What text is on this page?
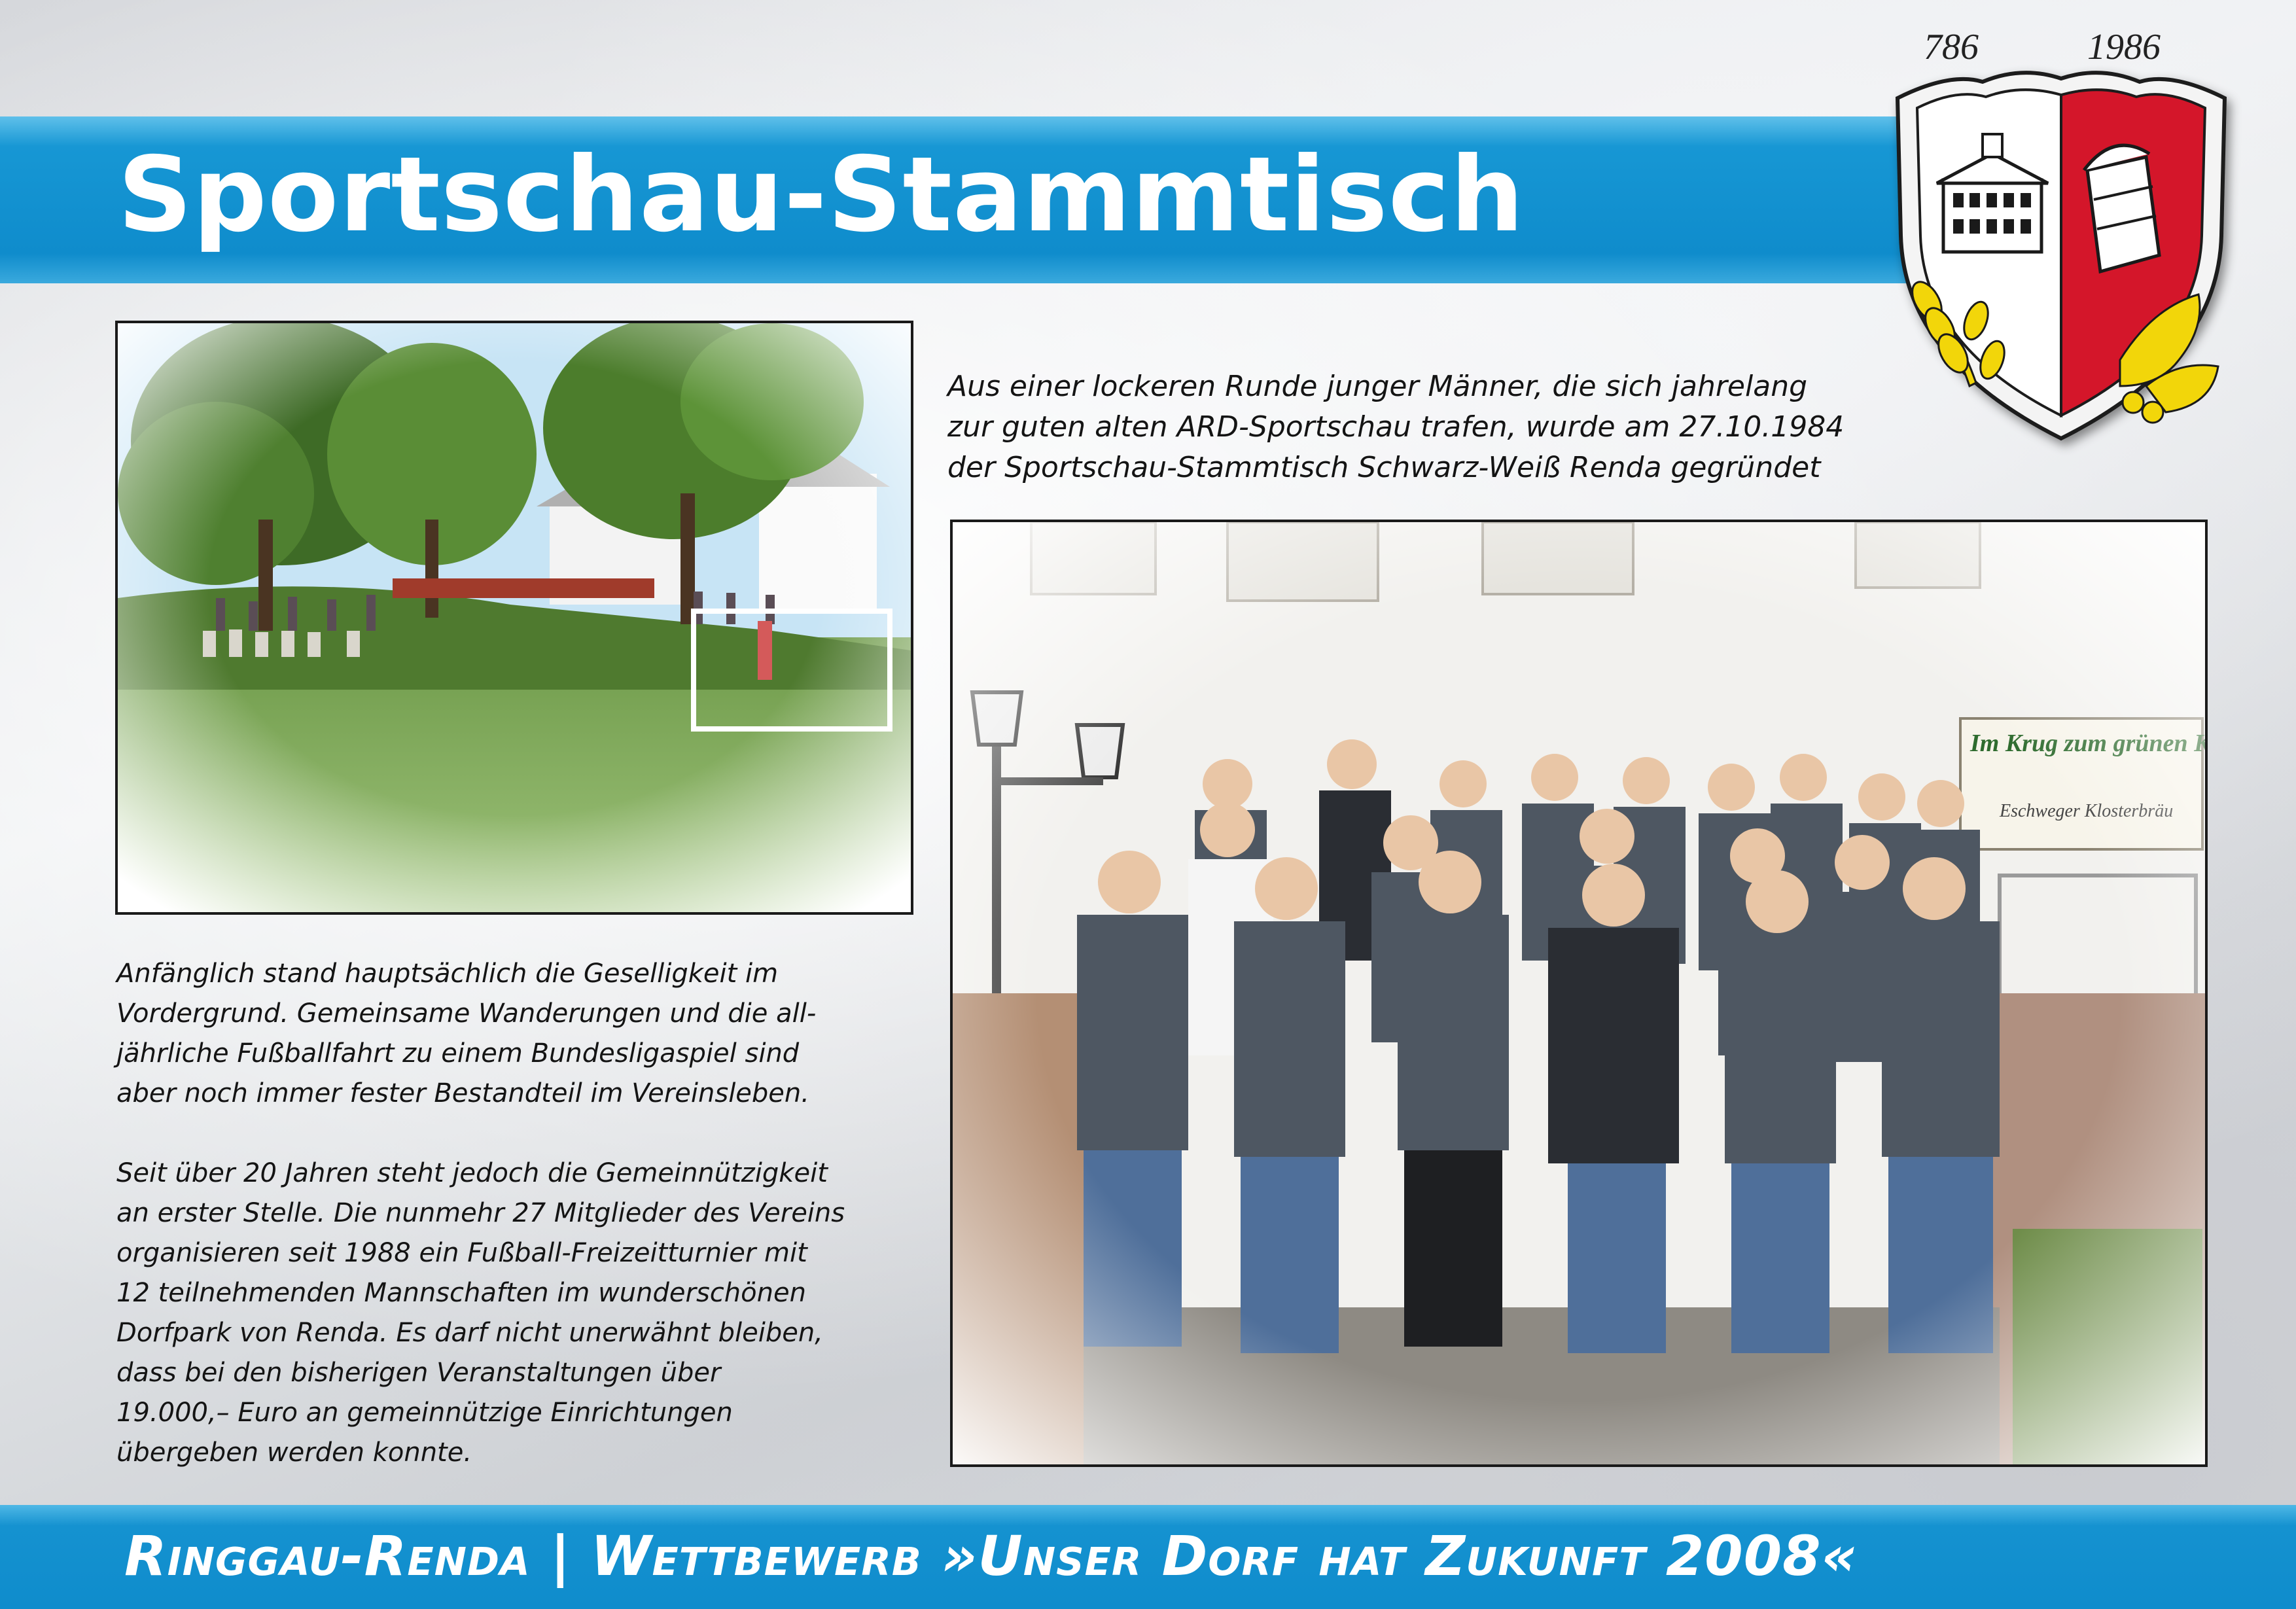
Sportschau-Stammtisch
786	1986
Aus einer lockeren Runde junger Männer, die sich jahrelang
zur guten alten ARD-Sportschau trafen, wurde am 27.10.1984
der Sportschau-Stammtisch Schwarz-Weiß Renda gegründet
Anfänglich stand hauptsächlich die Geselligkeit im
Vordergrund. Gemeinsame Wanderungen und die all-
jährliche Fußballfahrt zu einem Bundesligaspiel sind
aber noch immer fester Bestandteil im Vereinsleben.
Seit über 20 Jahren steht jedoch die Gemeinnützigkeit
an erster Stelle. Die nunmehr 27 Mitglieder des Vereins
organisieren seit 1988 ein Fußball-Freizeitturnier mit
12 teilnehmenden Mannschaften im wunderschönen
Dorfpark von Renda. Es darf nicht unerwähnt bleiben,
dass bei den bisherigen Veranstaltungen über
19.000,– Euro an gemeinnützige Einrichtungen
übergeben werden konnte.
Ringgau-Renda | Wettbewerb »Unser Dorf hat Zukunft 2008«
